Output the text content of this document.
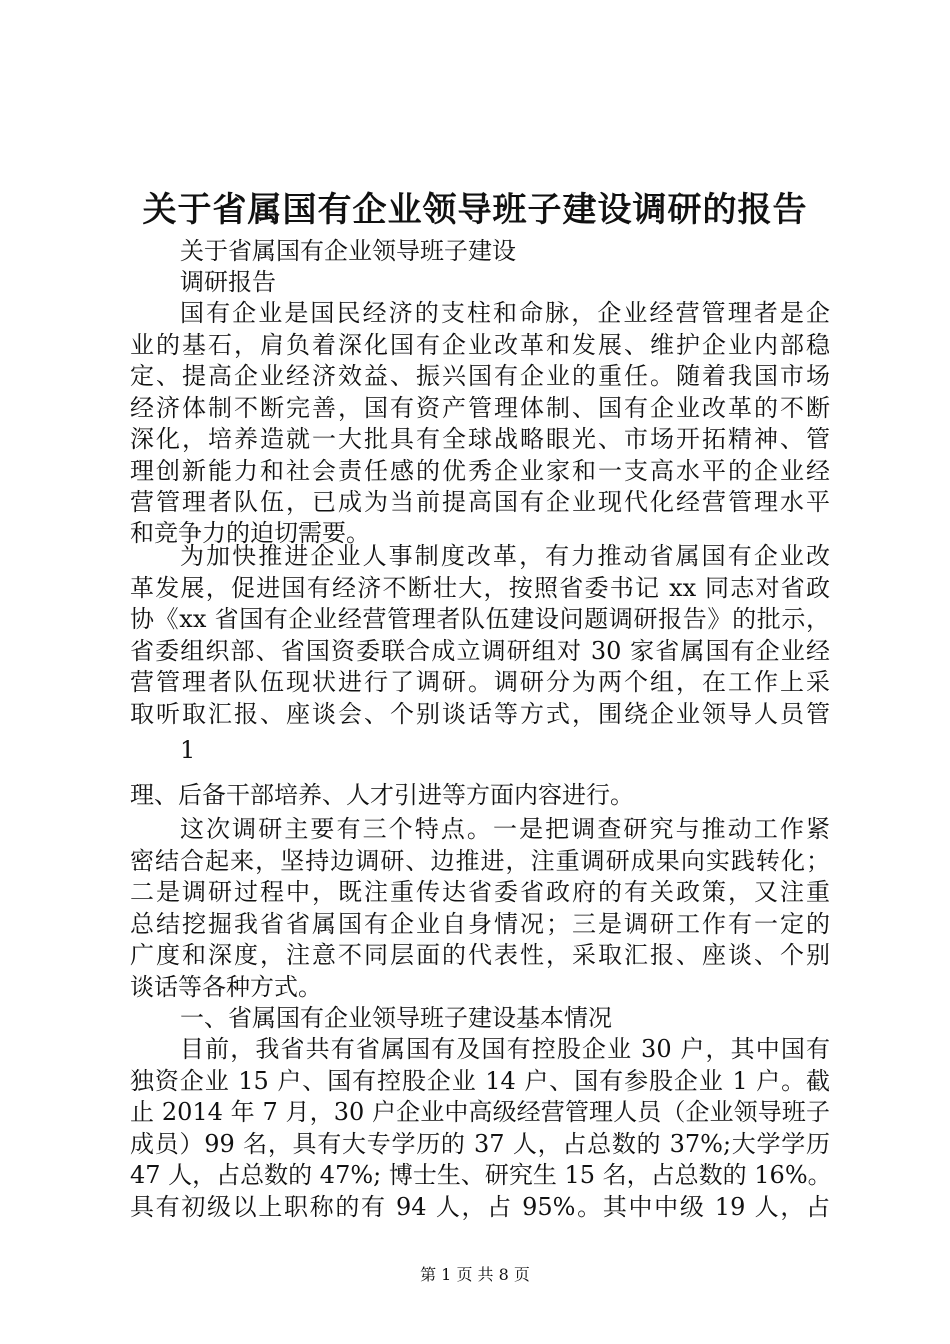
关于省属国有企业领导班子建设调研的报告

关于省属国有企业领导班子建设

调研报告

国有企业是国民经济的支柱和命脉，企业经营管理者是企

业的基石，肩负着深化国有企业改革和发展、维护企业内部稳

定、提高企业经济效益、振兴国有企业的重任。随着我国市场

经济体制不断完善，国有资产管理体制、国有企业改革的不断

深化，培养造就一大批具有全球战略眼光、市场开拓精神、管

理创新能力和社会责任感的优秀企业家和一支高水平的企业经

营管理者队伍，已成为当前提高国有企业现代化经营管理水平

和竞争力的迫切需要。

为加快推进企业人事制度改革，有力推动省属国有企业改

革发展，促进国有经济不断壮大，按照省委书记 xx 同志对省政

协《xx 省国有企业经营管理者队伍建设问题调研报告》的批示，

省委组织部、省国资委联合成立调研组对 30 家省属国有企业经

营管理者队伍现状进行了调研。调研分为两个组，在工作上采

取听取汇报、座谈会、个别谈话等方式，围绕企业领导人员管

1

理、后备干部培养、人才引进等方面内容进行。

这次调研主要有三个特点。一是把调查研究与推动工作紧

密结合起来，坚持边调研、边推进，注重调研成果向实践转化；

二是调研过程中，既注重传达省委省政府的有关政策，又注重

总结挖掘我省省属国有企业自身情况；三是调研工作有一定的

广度和深度，注意不同层面的代表性，采取汇报、座谈、个别

谈话等各种方式。

一、省属国有企业领导班子建设基本情况

目前，我省共有省属国有及国有控股企业 30 户，其中国有

独资企业 15 户、国有控股企业 14 户、国有参股企业 1 户。截

止 2014 年 7 月，30 户企业中高级经营管理人员（企业领导班子

成员）99 名，具有大专学历的 37 人，占总数的 37%;大学学历

47 人，占总数的 47%; 博士生、研究生 15 名，占总数的 16%。

具有初级以上职称的有 94 人，占 95%。其中中级 19 人，占

第 1 页 共 8 页
